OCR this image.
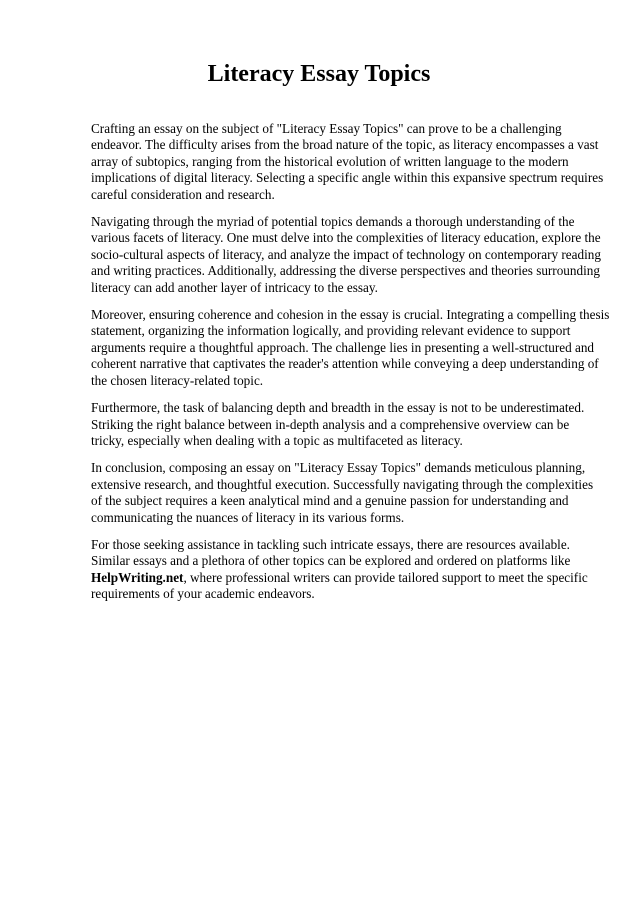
Literacy Essay Topics

Crafting an essay on the subject of "Literacy Essay Topics" can prove to be a challenging
endeavor. The difficulty arises from the broad nature of the topic, as literacy encompasses a vast
array of subtopics, ranging from the historical evolution of written language to the modern
implications of digital literacy. Selecting a specific angle within this expansive spectrum requires
careful consideration and research.

Navigating through the myriad of potential topics demands a thorough understanding of the
various facets of literacy. One must delve into the complexities of literacy education, explore the
socio-cultural aspects of literacy, and analyze the impact of technology on contemporary reading
and writing practices. Additionally, addressing the diverse perspectives and theories surrounding
literacy can add another layer of intricacy to the essay.

Moreover, ensuring coherence and cohesion in the essay is crucial. Integrating a compelling thesis
statement, organizing the information logically, and providing relevant evidence to support
arguments require a thoughtful approach. The challenge lies in presenting a well-structured and
coherent narrative that captivates the reader's attention while conveying a deep understanding of
the chosen literacy-related topic.

Furthermore, the task of balancing depth and breadth in the essay is not to be underestimated.
Striking the right balance between in-depth analysis and a comprehensive overview can be
tricky, especially when dealing with a topic as multifaceted as literacy.

In conclusion, composing an essay on "Literacy Essay Topics" demands meticulous planning,
extensive research, and thoughtful execution. Successfully navigating through the complexities
of the subject requires a keen analytical mind and a genuine passion for understanding and
communicating the nuances of literacy in its various forms.

For those seeking assistance in tackling such intricate essays, there are resources available.
Similar essays and a plethora of other topics can be explored and ordered on platforms like
HelpWriting.net, where professional writers can provide tailored support to meet the specific
requirements of your academic endeavors.
